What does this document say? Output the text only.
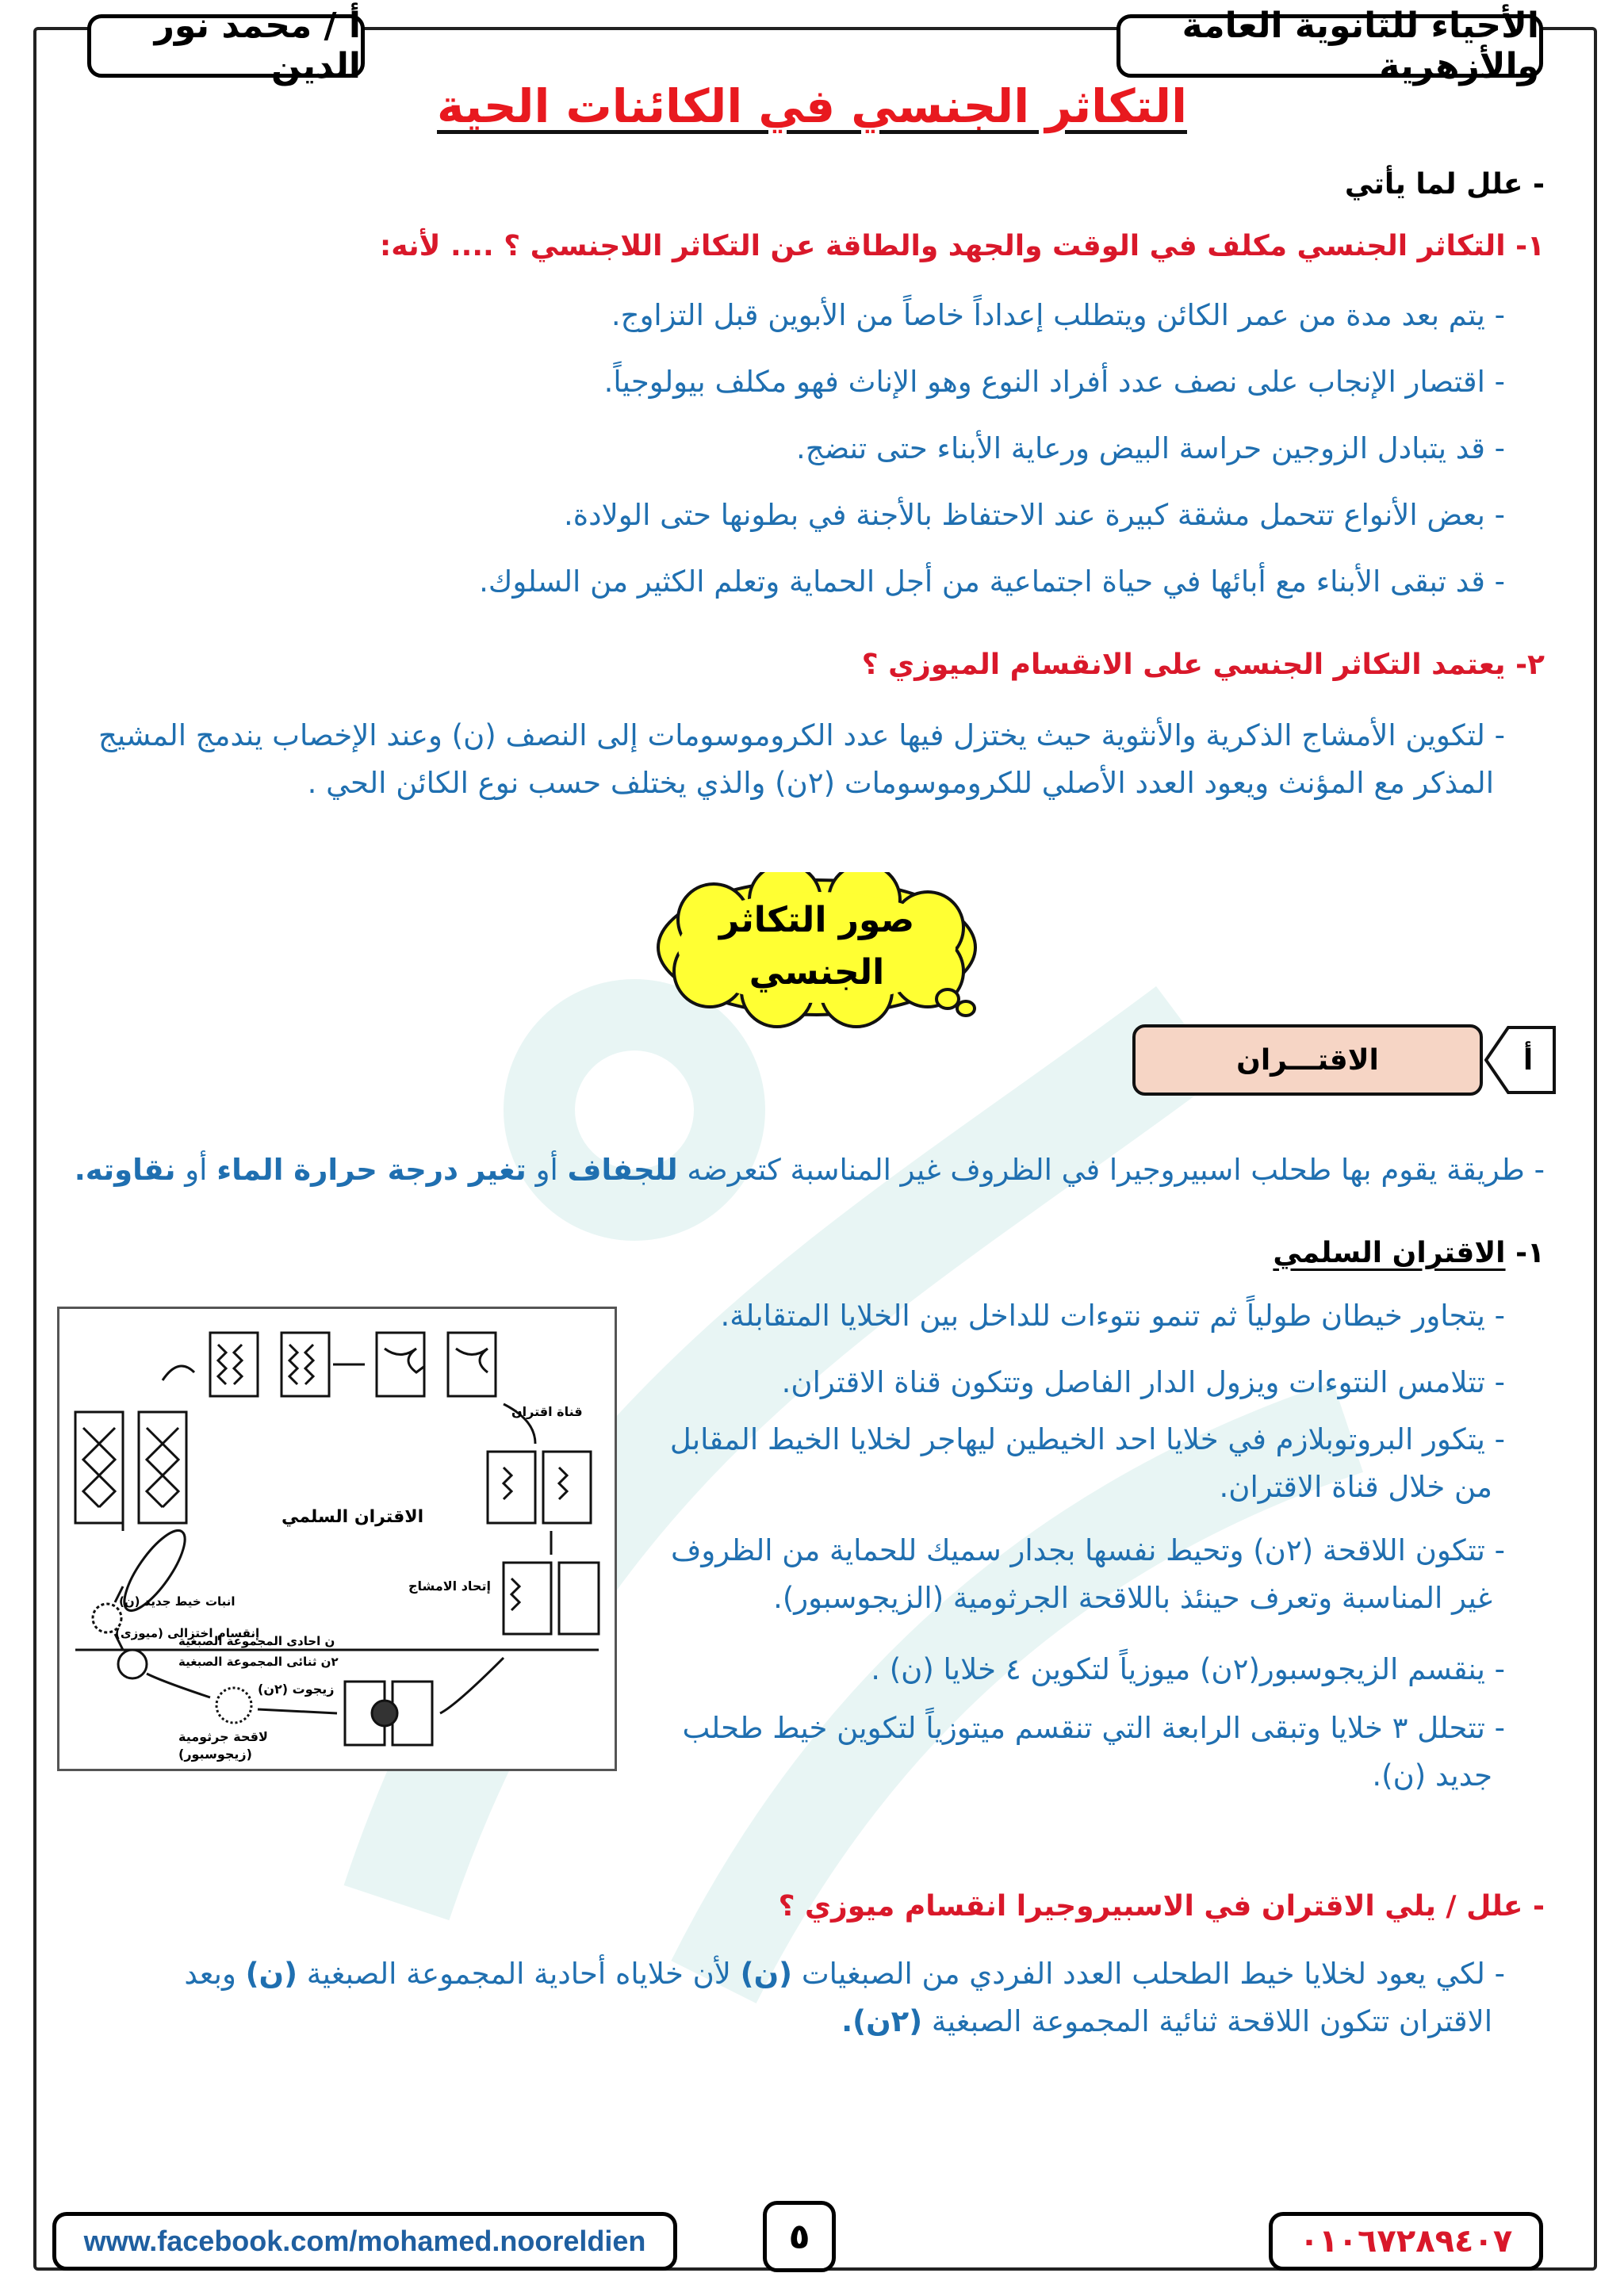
الأحياء للثانوية العامة والأزهرية
أ / محمد نور الدين
التكاثر الجنسي في الكائنات الحية
- علل لما يأتي
١- التكاثر الجنسي مكلف في الوقت والجهد والطاقة عن التكاثر اللاجنسي ؟ .... لأنه:
- يتم بعد مدة من عمر الكائن ويتطلب إعداداً خاصاً من الأبوين قبل التزاوج.
- اقتصار الإنجاب على نصف عدد أفراد النوع وهو الإناث فهو مكلف بيولوجياً.
- قد يتبادل الزوجين حراسة البيض ورعاية الأبناء حتى تنضج.
- بعض الأنواع تتحمل مشقة كبيرة عند الاحتفاظ بالأجنة في بطونها حتى الولادة.
- قد تبقى الأبناء مع أبائها في حياة اجتماعية من أجل الحماية وتعلم الكثير من السلوك.
٢- يعتمد التكاثر الجنسي على الانقسام الميوزي ؟
- لتكوين الأمشاج الذكرية والأنثوية حيث يختزل فيها عدد الكروموسومات إلى النصف (ن) وعند الإخصاب يندمج المشيج
المذكر مع المؤنث ويعود العدد الأصلي للكروموسومات (٢ن) والذي يختلف حسب نوع الكائن الحي .
صور التكاثر
الجنسي
أ
الاقتـــران
- طريقة يقوم بها طحلب اسبيروجيرا في الظروف غير المناسبة كتعرضه للجفاف أو تغير درجة حرارة الماء أو نقاوته.
١- الاقتران السلمي
- يتجاور خيطان طولياً ثم تنمو نتوءات للداخل بين الخلايا المتقابلة.
- تتلامس النتوءات ويزول الدار الفاصل وتتكون قناة الاقتران.
- يتكور البروتوبلازم في خلايا احد الخيطين ليهاجر لخلايا الخيط المقابل
من خلال قناة الاقتران.
- تتكون اللاقحة (٢ن) وتحيط نفسها بجدار سميك للحماية من الظروف
غير المناسبة وتعرف حينئذ باللاقحة الجرثومية (الزيجوسبور).
- ينقسم الزيجوسبور(٢ن) ميوزياً لتكوين ٤ خلايا (ن) .
- تتحلل ٣ خلايا وتبقى الرابعة التي تنقسم ميتوزياً لتكوين خيط طحلب
جديد (ن).
الاقتران السلمي
قناة اقتران
إتحاد الامشاج
زيجوت (٢ن)
لاقحة جرثومية
(زيجوسبور)
انبات خيط جديد (ن)
إنقسام اختزالى (ميوزى)
ن احادى المجموعة الصبغية
٢ن ثنائى المجموعة الصبغية
- علل / يلي الاقتران في الاسبيروجيرا انقسام ميوزي ؟
- لكي يعود لخلايا خيط الطحلب العدد الفردي من الصبغيات (ن) لأن خلاياه أحادية المجموعة الصبغية (ن) وبعد
الاقتران تتكون اللاقحة ثنائية المجموعة الصبغية (٢ن).
www.facebook.com/mohamed.nooreldien	٥	٠١٠٦٧٢٨٩٤٠٧
